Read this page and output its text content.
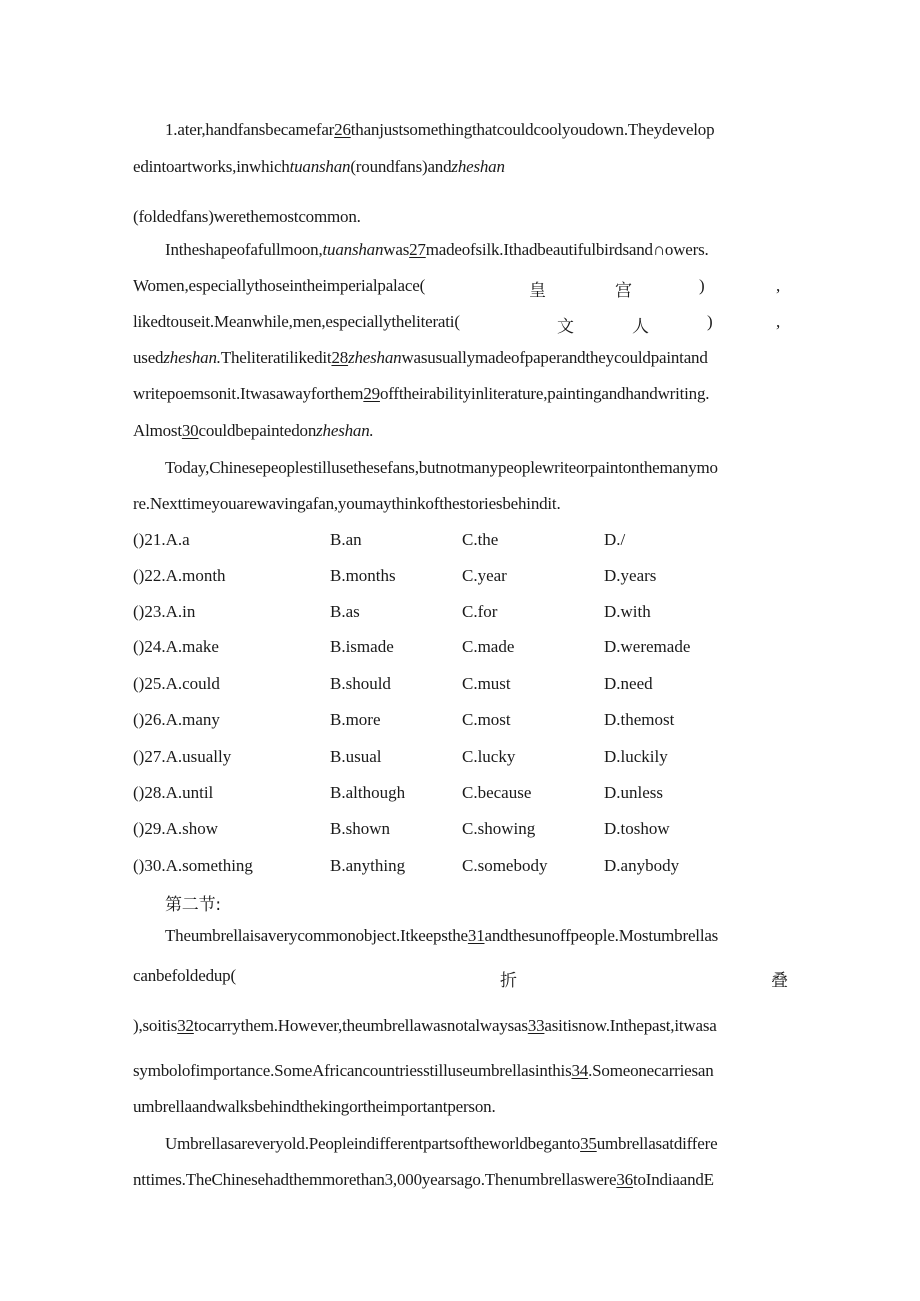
1.ater,handfansbecamefar26thanjustsomethingthatcouldcoolyoudown.Theydevelop
edintoartworks,inwhichtuanshan(roundfans)andzheshan
(foldedfans)werethemostcommon.
Intheshapeofafullmoon,tuanshanwas27madeofsilk.Ithadbeautifulbirdsand∩owers.
Women,especiallythoseintheimperialpalace(	皇	宫	)	,
likedtouseit.Meanwhile,men,especiallytheliterati(	文	人	)	,
usedzheshan.Theliteratilikedit28zheshanwasusuallymadeofpaperandtheycouldpaintand
writepoemsonit.Itwasawayforthem29offtheirabilityinliterature,paintingandhandwriting.
Almost30couldbepaintedonzheshan.
Today,Chinesepeoplestillusethesefans,butnotmanypeoplewriteorpaintonthemanymo
re.Nexttimeyouarewavingafan,youmaythinkofthestoriesbehindit.
()21.A.a	B.an	C.the	D./
()22.A.month	B.months	C.year	D.years
()23.A.in	B.as	C.for	D.with
()24.A.make	B.ismade	C.made	D.weremade
()25.A.could	B.should	C.must	D.need
()26.A.many	B.more	C.most	D.themost
()27.A.usually	B.usual	C.lucky	D.luckily
()28.A.until	B.although	C.because	D.unless
()29.A.show	B.shown	C.showing	D.toshow
()30.A.something	B.anything	C.somebody	D.anybody
第二节:
Theumbrellaisaverycommonobject.Itkeepsthe31andthesunoffpeople.Mostumbrellas
canbefoldedup(	折	叠
),soitis32tocarrythem.However,theumbrellawasnotalwaysas33asitisnow.Inthepast,itwasa
symbolofimportance.SomeAfricancountriesstilluseumbrellasinthis34.Someonecarriesan
umbrellaandwalksbehindthekingortheimportantperson.
Umbrellasareveryold.Peopleindifferentpartsoftheworldbeganto35umbrellasatdiffere
nttimes.TheChinesehadthemmorethan3,000yearsago.Thenumbrellaswere36toIndiaandE
